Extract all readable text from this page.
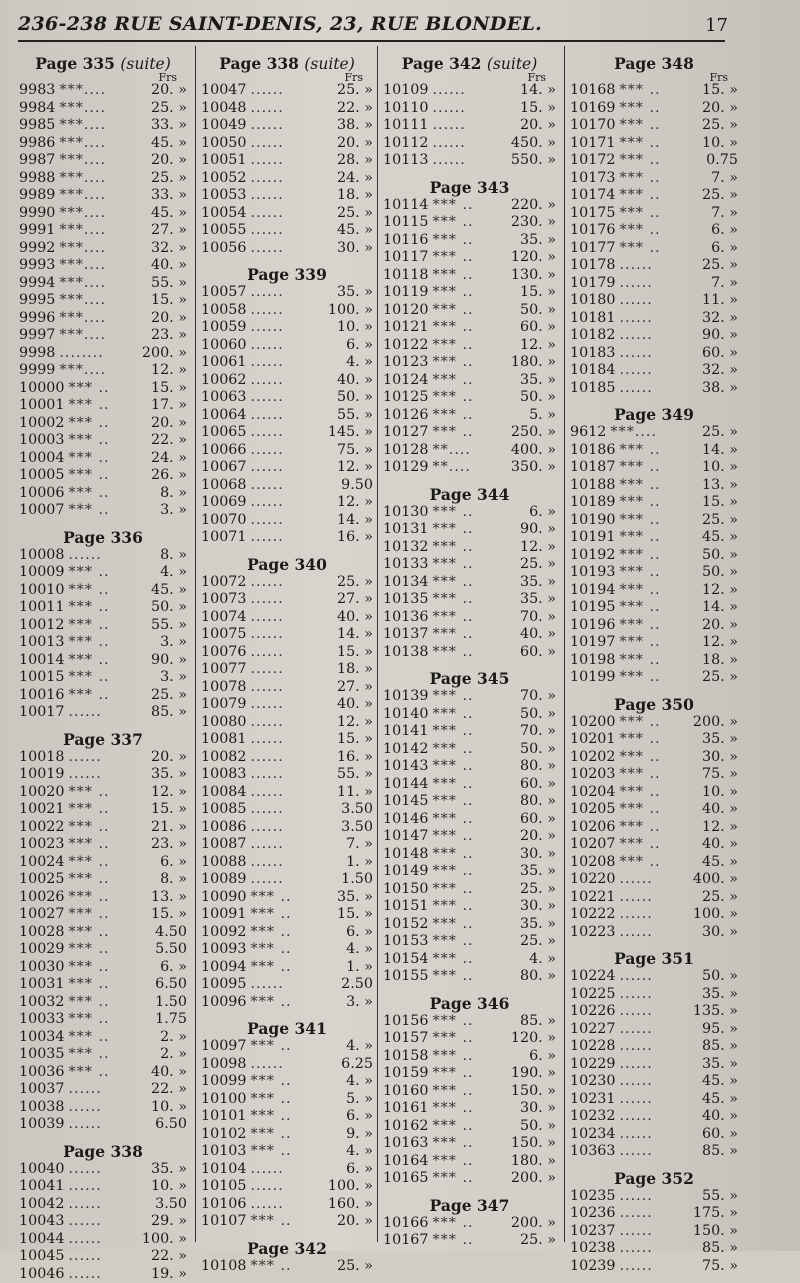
236-238 RUE SAINT-DENIS, 23, RUE BLONDEL.	17
Page 335 (suite)
Frs
9983 ***....	20. »
9984 ***....	25. »
9985 ***....	33. »
9986 ***....	45. »
9987 ***....	20. »
9988 ***....	25. »
9989 ***....	33. »
9990 ***....	45. »
9991 ***....	27. »
9992 ***....	32. »
9993 ***....	40. »
9994 ***....	55. »
9995 ***....	15. »
9996 ***....	20. »
9997 ***....	23. »
9998 ........	200. »
9999 ***....	12. »
10000 *** ..	15. »
10001 *** ..	17. »
10002 *** ..	20. »
10003 *** ..	22. »
10004 *** ..	24. »
10005 *** ..	26. »
10006 *** ..	8. »
10007 *** ..	3. »
Page 336
10008 ......	8. »
10009 *** ..	4. »
10010 *** ..	45. »
10011 *** ..	50. »
10012 *** ..	55. »
10013 *** ..	3. »
10014 *** ..	90. »
10015 *** ..	3. »
10016 *** ..	25. »
10017 ......	85. »
Page 337
10018 ......	20. »
10019 ......	35. »
10020 *** ..	12. »
10021 *** ..	15. »
10022 *** ..	21. »
10023 *** ..	23. »
10024 *** ..	6. »
10025 *** ..	8. »
10026 *** ..	13. »
10027 *** ..	15. »
10028 *** ..	4.50
10029 *** ..	5.50
10030 *** ..	6. »
10031 *** ..	6.50
10032 *** ..	1.50
10033 *** ..	1.75
10034 *** ..	2. »
10035 *** ..	2. »
10036 *** ..	40. »
10037 ......	22. »
10038 ......	10. »
10039 ......	6.50
Page 338
10040 ......	35. »
10041 ......	10. »
10042 ......	3.50
10043 ......	29. »
10044 ......	100. »
10045 ......	22. »
10046 ......	19. »
Page 338 (suite)
Frs
10047 ......	25. »
10048 ......	22. »
10049 ......	38. »
10050 ......	20. »
10051 ......	28. »
10052 ......	24. »
10053 ......	18. »
10054 ......	25. »
10055 ......	45. »
10056 ......	30. »
Page 339
10057 ......	35. »
10058 ......	100. »
10059 ......	10. »
10060 ......	6. »
10061 ......	4. »
10062 ......	40. »
10063 ......	50. »
10064 ......	55. »
10065 ......	145. »
10066 ......	75. »
10067 ......	12. »
10068 ......	9.50
10069 ......	12. »
10070 ......	14. »
10071 ......	16. »
Page 340
10072 ......	25. »
10073 ......	27. »
10074 ......	40. »
10075 ......	14. »
10076 ......	15. »
10077 ......	18. »
10078 ......	27. »
10079 ......	40. »
10080 ......	12. »
10081 ......	15. »
10082 ......	16. »
10083 ......	55. »
10084 ......	11. »
10085 ......	3.50
10086 ......	3.50
10087 ......	7. »
10088 ......	1. »
10089 ......	1.50
10090 *** ..	35. »
10091 *** ..	15. »
10092 *** ..	6. »
10093 *** ..	4. »
10094 *** ..	1. »
10095 ......	2.50
10096 *** ..	3. »
Page 341
10097 *** ..	4. »
10098 ......	6.25
10099 *** ..	4. »
10100 *** ..	5. »
10101 *** ..	6. »
10102 *** ..	9. »
10103 *** ..	4. »
10104 ......	6. »
10105 ......	100. »
10106 ......	160. »
10107 *** ..	20. »
Page 342
10108 *** ..	25. »
Page 342 (suite)
Frs
10109 ......	14. »
10110 ......	15. »
10111 ......	20. »
10112 ......	450. »
10113 ......	550. »
Page 343
10114 *** ..	220. »
10115 *** ..	230. »
10116 *** ..	35. »
10117 *** ..	120. »
10118 *** ..	130. »
10119 *** ..	15. »
10120 *** ..	50. »
10121 *** ..	60. »
10122 *** ..	12. »
10123 *** ..	180. »
10124 *** ..	35. »
10125 *** ..	50. »
10126 *** ..	5. »
10127 *** ..	250. »
10128 **....	400. »
10129 **....	350. »
Page 344
10130 *** ..	6. »
10131 *** ..	90. »
10132 *** ..	12. »
10133 *** ..	25. »
10134 *** ..	35. »
10135 *** ..	35. »
10136 *** ..	70. »
10137 *** ..	40. »
10138 *** ..	60. »
Page 345
10139 *** ..	70. »
10140 *** ..	50. »
10141 *** ..	70. »
10142 *** ..	50. »
10143 *** ..	80. »
10144 *** ..	60. »
10145 *** ..	80. »
10146 *** ..	60. »
10147 *** ..	20. »
10148 *** ..	30. »
10149 *** ..	35. »
10150 *** ..	25. »
10151 *** ..	30. »
10152 *** ..	35. »
10153 *** ..	25. »
10154 *** ..	4. »
10155 *** ..	80. »
Page 346
10156 *** ..	85. »
10157 *** ..	120. »
10158 *** ..	6. »
10159 *** ..	190. »
10160 *** ..	150. »
10161 *** ..	30. »
10162 *** ..	50. »
10163 *** ..	150. »
10164 *** ..	180. »
10165 *** ..	200. »
Page 347
10166 *** ..	200. »
10167 *** ..	25. »
Page 348
Frs
10168 *** ..	15. »
10169 *** ..	20. »
10170 *** ..	25. »
10171 *** ..	10. »
10172 *** ..	0.75
10173 *** ..	7. »
10174 *** ..	25. »
10175 *** ..	7. »
10176 *** ..	6. »
10177 *** ..	6. »
10178 ......	25. »
10179 ......	7. »
10180 ......	11. »
10181 ......	32. »
10182 ......	90. »
10183 ......	60. »
10184 ......	32. »
10185 ......	38. »
Page 349
9612 ***....	25. »
10186 *** ..	14. »
10187 *** ..	10. »
10188 *** ..	13. »
10189 *** ..	15. »
10190 *** ..	25. »
10191 *** ..	45. »
10192 *** ..	50. »
10193 *** ..	50. »
10194 *** ..	12. »
10195 *** ..	14. »
10196 *** ..	20. »
10197 *** ..	12. »
10198 *** ..	18. »
10199 *** ..	25. »
Page 350
10200 *** ..	200. »
10201 *** ..	35. »
10202 *** ..	30. »
10203 *** ..	75. »
10204 *** ..	10. »
10205 *** ..	40. »
10206 *** ..	12. »
10207 *** ..	40. »
10208 *** ..	45. »
10220 ......	400. »
10221 ......	25. »
10222 ......	100. »
10223 ......	30. »
Page 351
10224 ......	50. »
10225 ......	35. »
10226 ......	135. »
10227 ......	95. »
10228 ......	85. »
10229 ......	35. »
10230 ......	45. »
10231 ......	45. »
10232 ......	40. »
10234 ......	60. »
10363 ......	85. »
Page 352
10235 ......	55. »
10236 ......	175. »
10237 ......	150. »
10238 ......	85. »
10239 ......	75. »
